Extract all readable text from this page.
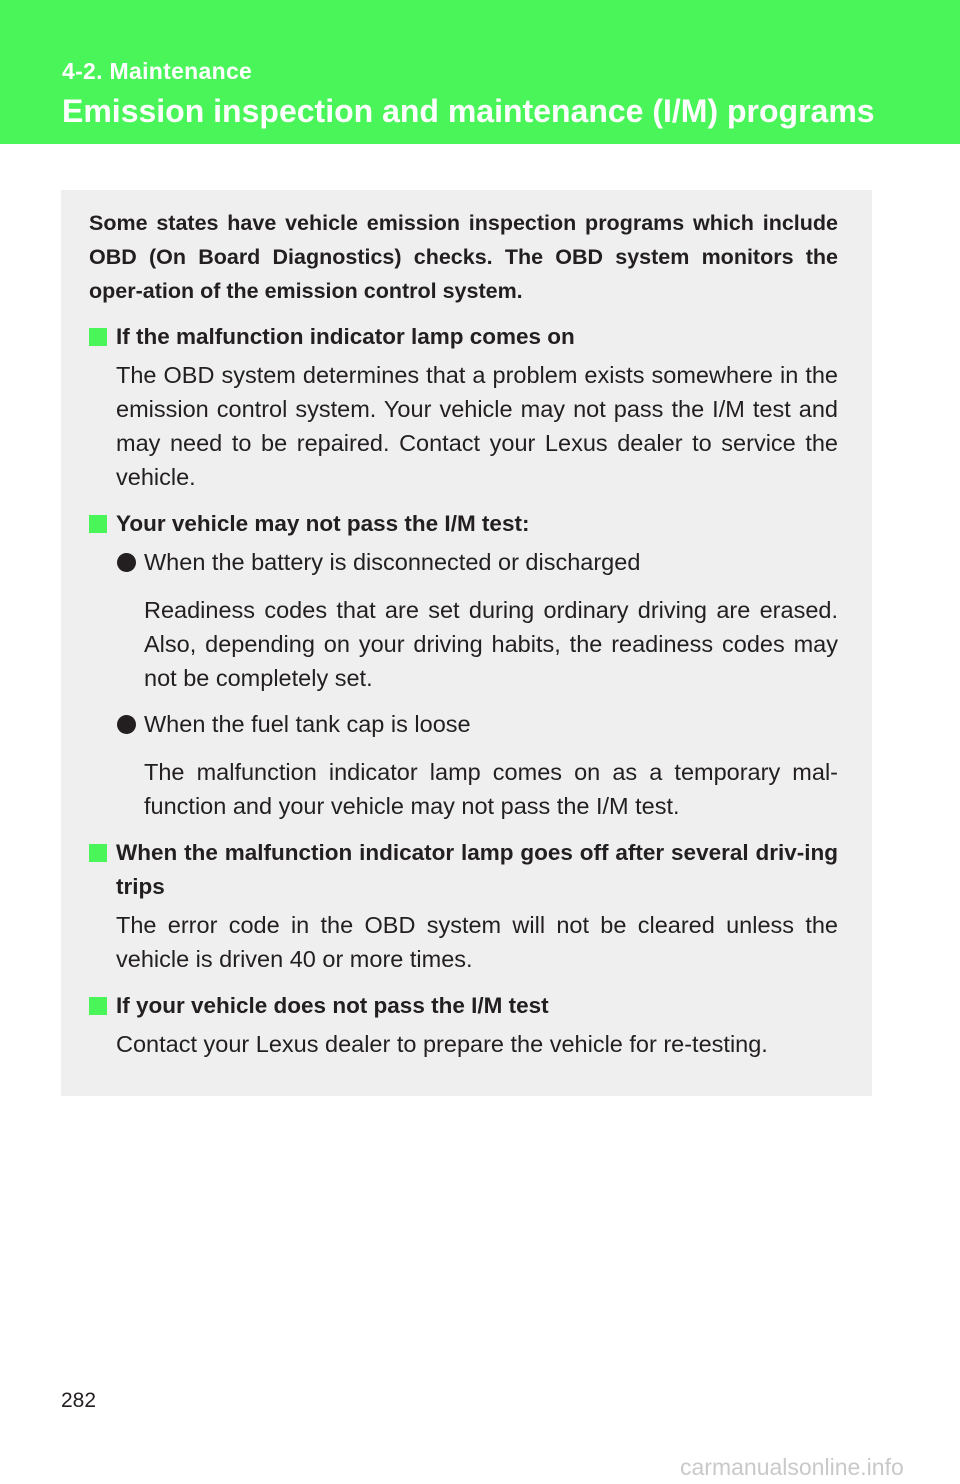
4-2. Maintenance
Emission inspection and maintenance (I/M) programs

Some states have vehicle emission inspection programs which include OBD (On Board Diagnostics) checks. The OBD system monitors the oper-ation of the emission control system.

If the malfunction indicator lamp comes on
The OBD system determines that a problem exists somewhere in the emission control system. Your vehicle may not pass the I/M test and may need to be repaired. Contact your Lexus dealer to service the vehicle.
Your vehicle may not pass the I/M test:
When the battery is disconnected or discharged
Readiness codes that are set during ordinary driving are erased. Also, depending on your driving habits, the readiness codes may not be completely set.
When the fuel tank cap is loose
The malfunction indicator lamp comes on as a temporary mal-function and your vehicle may not pass the I/M test.
When the malfunction indicator lamp goes off after several driv-ing trips
The error code in the OBD system will not be cleared unless the vehicle is driven 40 or more times.
If your vehicle does not pass the I/M test
Contact your Lexus dealer to prepare the vehicle for re-testing.
282
carmanualsonline.info
